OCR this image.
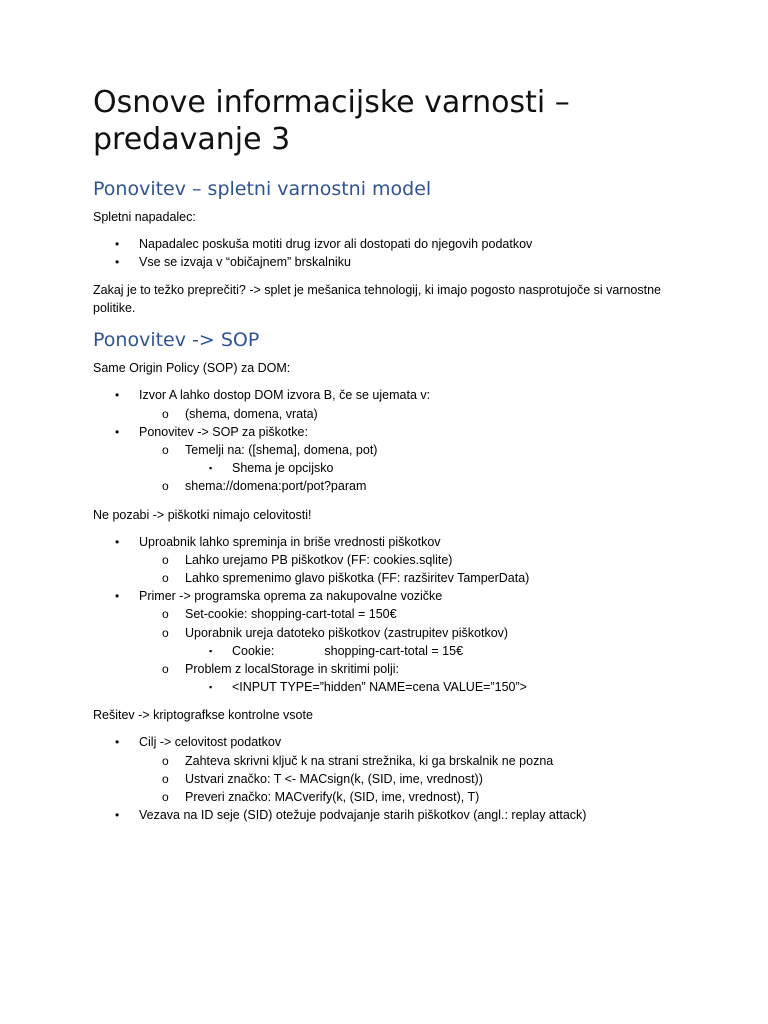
Osnove informacijske varnosti – predavanje 3
Ponovitev – spletni varnostni model
Spletni napadalec:
• Napadalec poskuša motiti drug izvor ali dostopati do njegovih podatkov
• Vse se izvaja v “običajnem” brskalniku
Zakaj je to težko preprečiti? -> splet je mešanica tehnologij, ki imajo pogosto nasprotujoče si varnostne politike.
Ponovitev -> SOP
Same Origin Policy (SOP) za DOM:
• Izvor A lahko dostop DOM izvora B, če se ujemata v:
o (shema, domena, vrata)
• Ponovitev -> SOP za piškotke:
o Temelji na: ([shema], domena, pot)
▪ Shema je opcijsko
o shema://domena:port/pot?param
Ne pozabi -> piškotki nimajo celovitosti!
• Uproabnik lahko spreminja in briše vrednosti piškotkov
o Lahko urejamo PB piškotkov (FF: cookies.sqlite)
o Lahko spremenimo glavo piškotka (FF: razširitev TamperData)
• Primer -> programska oprema za nakupovalne vozičke
o Set-cookie: shopping-cart-total = 150€
o Uporabnik ureja datoteko piškotkov (zastrupitev piškotkov)
▪ Cookie:	shopping-cart-total = 15€
o Problem z localStorage in skritimi polji:
▪ <INPUT TYPE=”hidden” NAME=cena VALUE=”150”>
Rešitev -> kriptografkse kontrolne vsote
• Cilj -> celovitost podatkov
o Zahteva skrivni ključ k na strani strežnika, ki ga brskalnik ne pozna
o Ustvari značko: T <- MACsign(k, (SID, ime, vrednost))
o Preveri značko: MACverify(k, (SID, ime, vrednost), T)
• Vezava na ID seje (SID) otežuje podvajanje starih piškotkov (angl.: replay attack)
